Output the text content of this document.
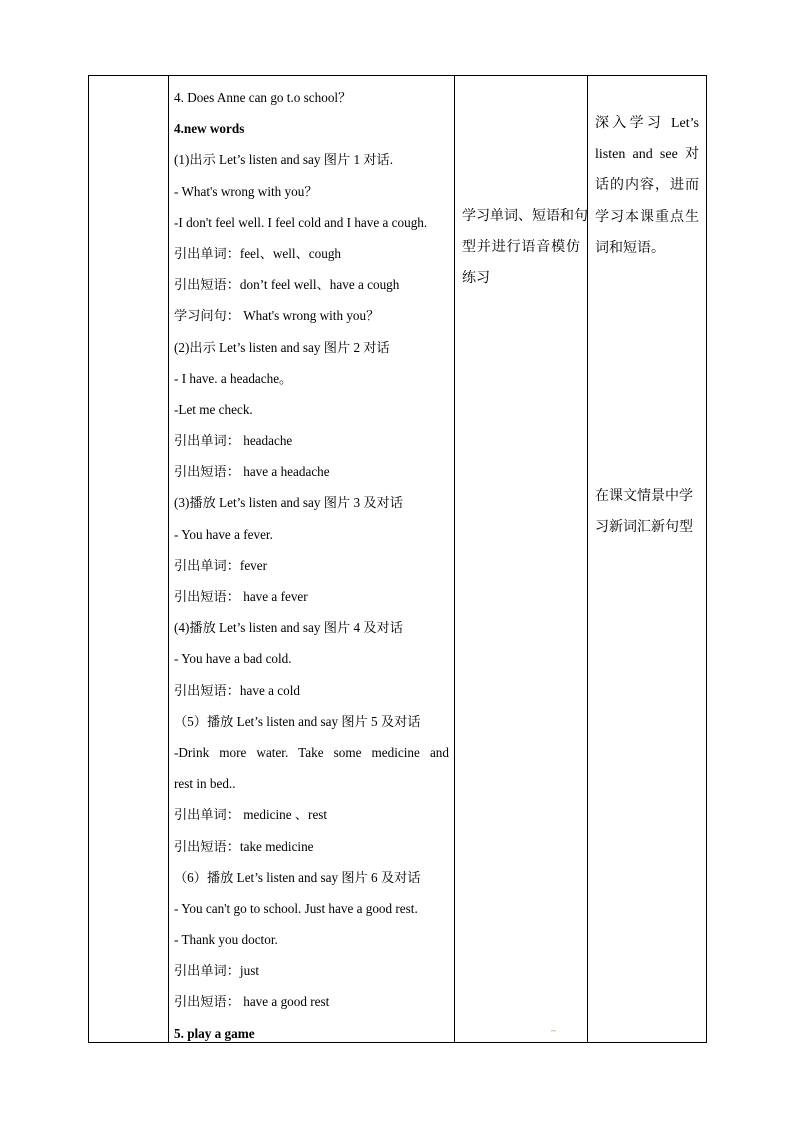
4. Does Anne can go t.o school？
4.new words
(1)出示 Let’s listen and say 图片 1 对话.
- What's wrong with you？
-I don't feel well. I feel cold and I have a cough.
引出单词：feel、well、cough
引出短语：don’t feel well、have a cough
学习问句： What's wrong with you？
(2)出示 Let’s listen and say 图片 2 对话
- I have. a headache。
-Let me check.
引出单词： headache
引出短语： have a headache
(3)播放 Let’s listen and say 图片 3 及对话
- You have a fever.
引出单词：fever
引出短语： have a fever
(4)播放 Let’s listen and say 图片 4 及对话
- You have a bad cold.
引出短语：have a cold
（5）播放 Let’s listen and say 图片 5 及对话
-Drink more water. Take some medicine and
rest in bed..
引出单词： medicine 、rest
引出短语：take medicine
（6）播放 Let’s listen and say 图片 6 及对话
- You can't go to school. Just have a good rest.
- Thank you doctor.
引出单词：just
引出短语： have a good rest
5. play a game
学习单词、短语和句
型并进行语音模仿
练习
~
深入学习 Let’s
listen and see 对
话的内容，进而
学习本课重点生
词和短语。
在课文情景中学
习新词汇新句型
